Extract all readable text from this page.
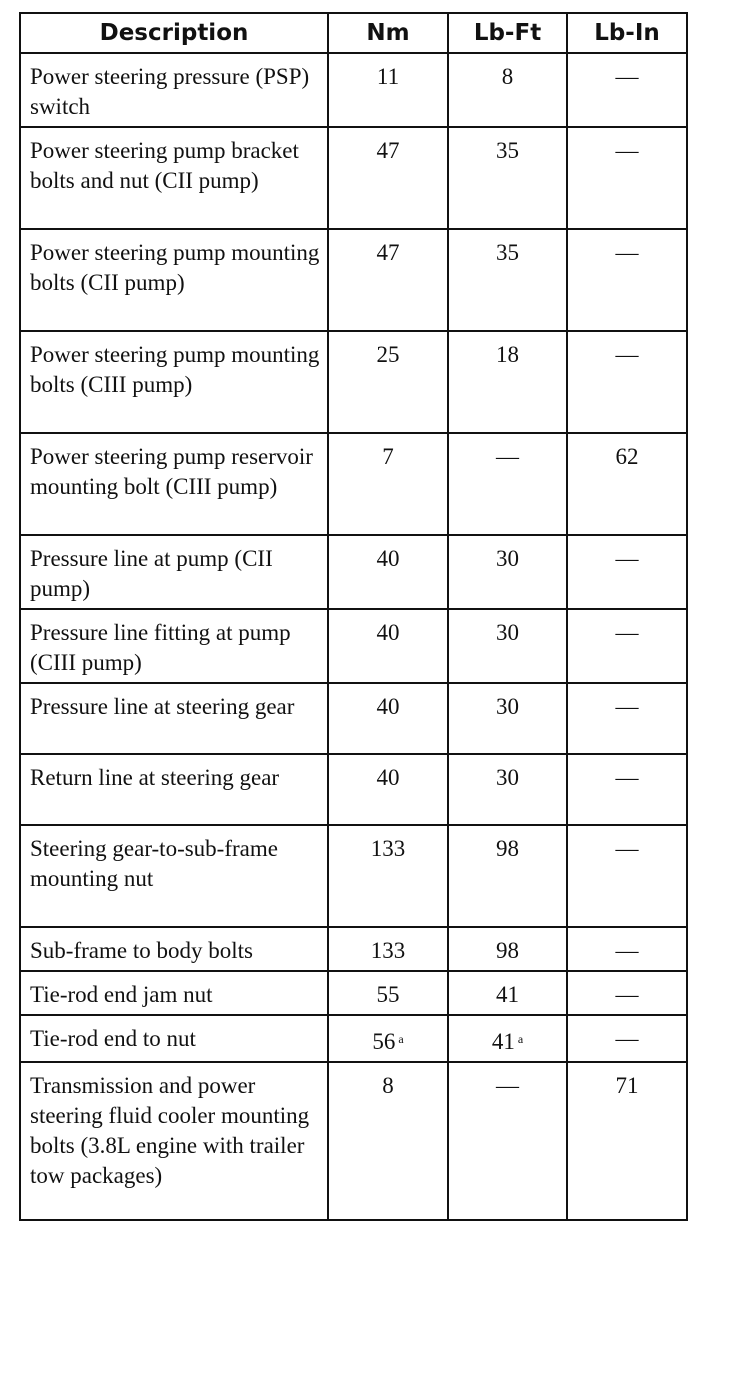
Description	Nm	Lb-Ft	Lb-In
Power steering pressure (PSP) switch	11	8	—
Power steering pump bracket bolts and nut (CII pump)	47	35	—
Power steering pump mounting bolts (CII pump)	47	35	—
Power steering pump mounting bolts (CIII pump)	25	18	—
Power steering pump reservoir mounting bolt (CIII pump)	7	—	62
Pressure line at pump (CII pump)	40	30	—
Pressure line fitting at pump (CIII pump)	40	30	—
Pressure line at steering gear	40	30	—
Return line at steering gear	40	30	—
Steering gear-to-sub-frame mounting nut	133	98	—
Sub-frame to body bolts	133	98	—
Tie-rod end jam nut	55	41	—
Tie-rod end to nut	56 $^a$	41 $^a$	—
Transmission and power steering fluid cooler mounting bolts (3.8L engine with trailer tow packages)	8	—	71
